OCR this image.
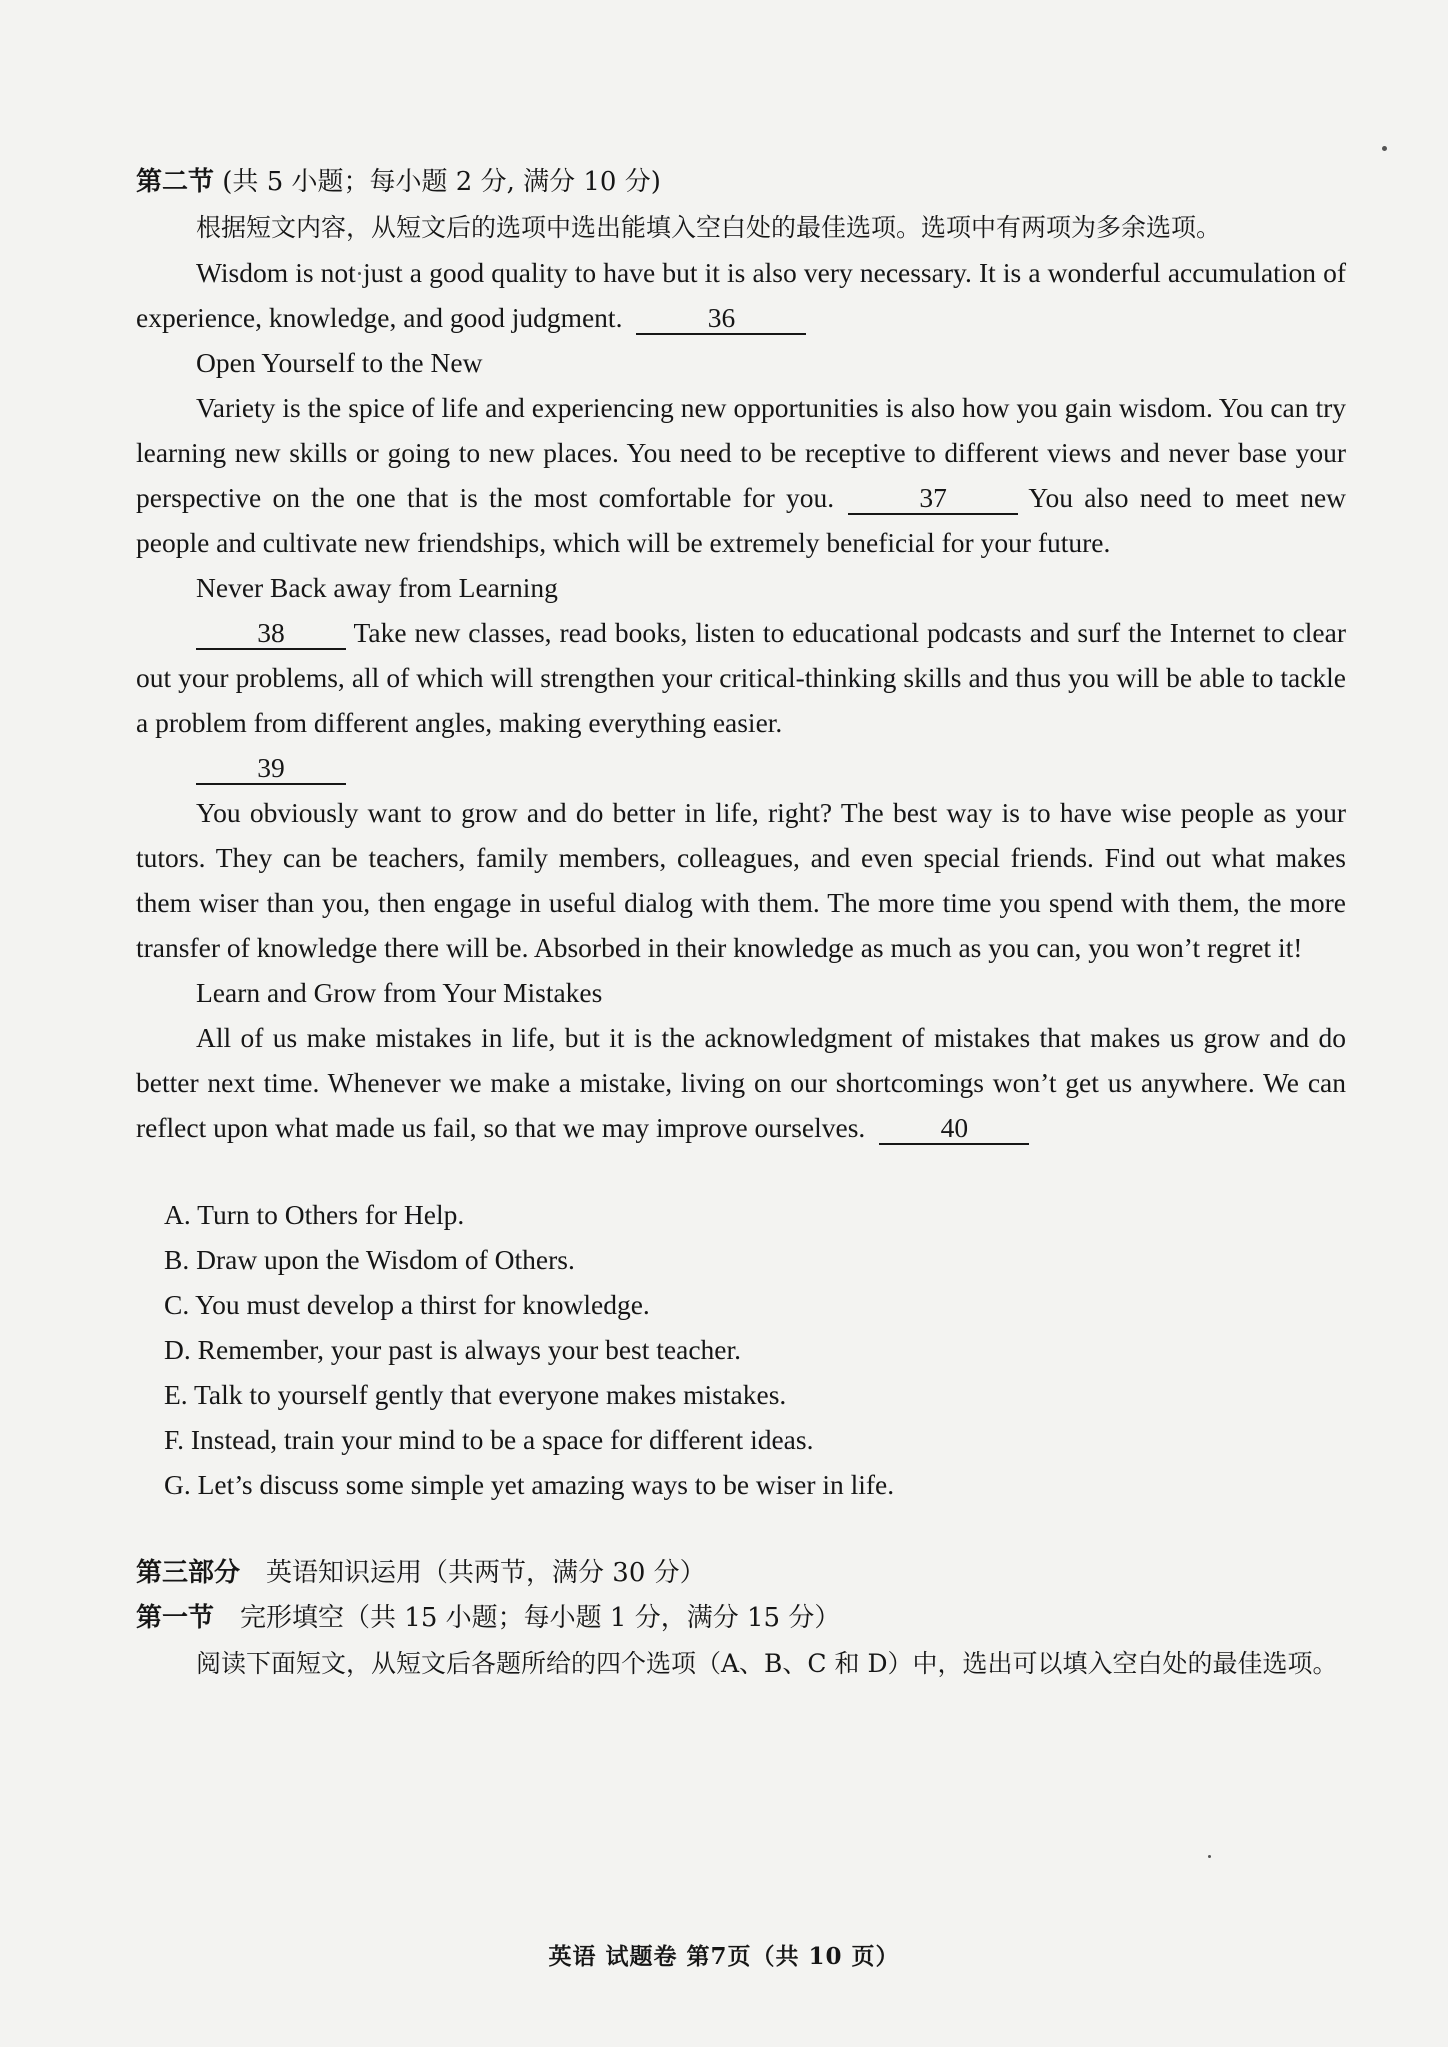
第二节 (共 5 小题；每小题 2 分, 满分 10 分)

根据短文内容，从短文后的选项中选出能填入空白处的最佳选项。选项中有两项为多余选项。

Wisdom is not just a good quality to have but it is also very necessary. It is a wonderful accumulation of experience, knowledge, and good judgment.	36

Open Yourself to the New

Variety is the spice of life and experiencing new opportunities is also how you gain wisdom. You can try learning new skills or going to new places. You need to be receptive to different views and never base your perspective on the one that is the most comfortable for you.	37	You also need to meet new people and cultivate new friendships, which will be extremely beneficial for your future.

Never Back away from Learning

38 Take new classes, read books, listen to educational podcasts and surf the Internet to clear out your problems, all of which will strengthen your critical-thinking skills and thus you will be able to tackle a problem from different angles, making everything easier.

39

You obviously want to grow and do better in life, right? The best way is to have wise people as your tutors. They can be teachers, family members, colleagues, and even special friends. Find out what makes them wiser than you, then engage in useful dialog with them. The more time you spend with them, the more transfer of knowledge there will be. Absorbed in their knowledge as much as you can, you won’t regret it!

Learn and Grow from Your Mistakes

All of us make mistakes in life, but it is the acknowledgment of mistakes that makes us grow and do better next time. Whenever we make a mistake, living on our shortcomings won’t get us anywhere. We can reflect upon what made us fail, so that we may improve ourselves.	40

A. Turn to Others for Help.

B. Draw upon the Wisdom of Others.

C. You must develop a thirst for knowledge.

D. Remember, your past is always your best teacher.

E. Talk to yourself gently that everyone makes mistakes.

F. Instead, train your mind to be a space for different ideas.

G. Let’s discuss some simple yet amazing ways to be wiser in life.

第三部分　英语知识运用（共两节，满分 30 分）

第一节　完形填空（共 15 小题；每小题 1 分，满分 15 分）

阅读下面短文，从短文后各题所给的四个选项（A、B、C 和 D）中，选出可以填入空白处的最佳选项。

英语 试题卷 第7页（共 10 页）
